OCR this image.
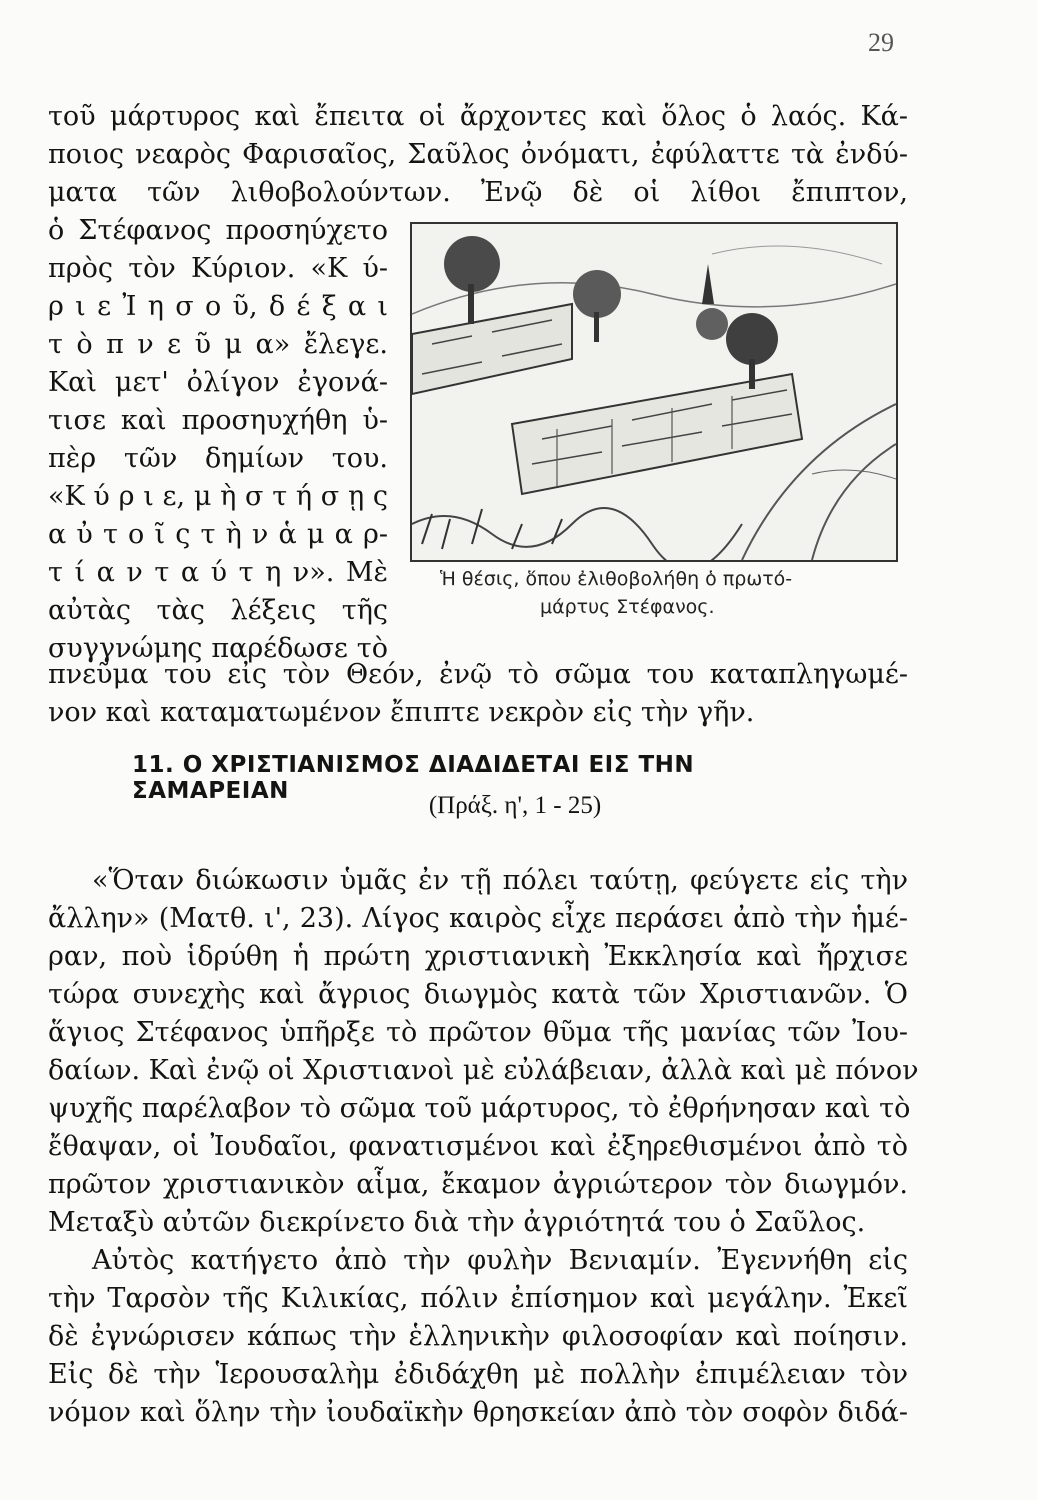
29
τοῦ μάρτυρος καὶ ἔπειτα οἱ ἄρχοντες καὶ ὅλος ὁ λαός. Κά-
ποιος νεαρὸς Φαρισαῖος, Σαῦλος ὀνόματι, ἐφύλαττε τὰ ἐνδύ-
ματα τῶν λιθοβολούντων. Ἐνῷ δὲ οἱ λίθοι ἔπιπτον,
ὁ Στέφανος προσηύχετο
πρὸς τὸν Κύριον. «Κ ύ-
ρ ι ε Ἰ η σ ο ῦ, δ έ ξ α ι
τ ὸ π ν ε ῦ μ α» ἔλεγε.
Καὶ μετ' ὀλίγον ἐγονά-
τισε καὶ προσηυχήθη ὑ-
πὲρ τῶν δημίων του.
«Κ ύ ρ ι ε, μ ὴ σ τ ή σ ῃ ς
α ὐ τ ο ῖ ς τ ὴ ν ἁ μ α ρ-
τ ί α ν τ α ύ τ η ν». Μὲ
αὐτὰς τὰς λέξεις τῆς
συγγνώμης παρέδωσε τὸ
Ἡ θέσις, ὅπου ἐλιθοβολήθη ὁ πρωτό-
μάρτυς Στέφανος.
πνεῦμα του εἰς τὸν Θεόν, ἐνῷ τὸ σῶμα του καταπληγωμέ-
νον καὶ καταματωμένον ἔπιπτε νεκρὸν εἰς τὴν γῆν.
11. Ο ΧΡΙΣΤΙΑΝΙΣΜΟΣ ΔΙΑΔΙΔΕΤΑΙ ΕΙΣ ΤΗΝ ΣΑΜΑΡΕΙΑΝ
(Πράξ. η', 1 - 25)
«Ὅταν διώκωσιν ὑμᾶς ἐν τῇ πόλει ταύτῃ, φεύγετε εἰς τὴν
ἄλλην» (Ματθ. ι', 23). Λίγος καιρὸς εἶχε περάσει ἀπὸ τὴν ἡμέ-
ραν, ποὺ ἱδρύθη ἡ πρώτη χριστιανικὴ Ἐκκλησία καὶ ἤρχισε
τώρα συνεχὴς καὶ ἄγριος διωγμὸς κατὰ τῶν Χριστιανῶν. Ὁ
ἅγιος Στέφανος ὑπῆρξε τὸ πρῶτον θῦμα τῆς μανίας τῶν Ἰου-
δαίων. Καὶ ἐνῷ οἱ Χριστιανοὶ μὲ εὐλάβειαν, ἀλλὰ καὶ μὲ πόνον
ψυχῆς παρέλαβον τὸ σῶμα τοῦ μάρτυρος, τὸ ἐθρήνησαν καὶ τὸ
ἔθαψαν, οἱ Ἰουδαῖοι, φανατισμένοι καὶ ἐξηρεθισμένοι ἀπὸ τὸ
πρῶτον χριστιανικὸν αἷμα, ἔκαμον ἀγριώτερον τὸν διωγμόν.
Μεταξὺ αὐτῶν διεκρίνετο διὰ τὴν ἀγριότητά του ὁ Σαῦλος.
Αὐτὸς κατήγετο ἀπὸ τὴν φυλὴν Βενιαμίν. Ἐγεννήθη εἰς
τὴν Ταρσὸν τῆς Κιλικίας, πόλιν ἐπίσημον καὶ μεγάλην. Ἐκεῖ
δὲ ἐγνώρισεν κάπως τὴν ἑλληνικὴν φιλοσοφίαν καὶ ποίησιν.
Εἰς δὲ τὴν Ἱερουσαλὴμ ἐδιδάχθη μὲ πολλὴν ἐπιμέλειαν τὸν
νόμον καὶ ὅλην τὴν ἰουδαϊκὴν θρησκείαν ἀπὸ τὸν σοφὸν διδά-
